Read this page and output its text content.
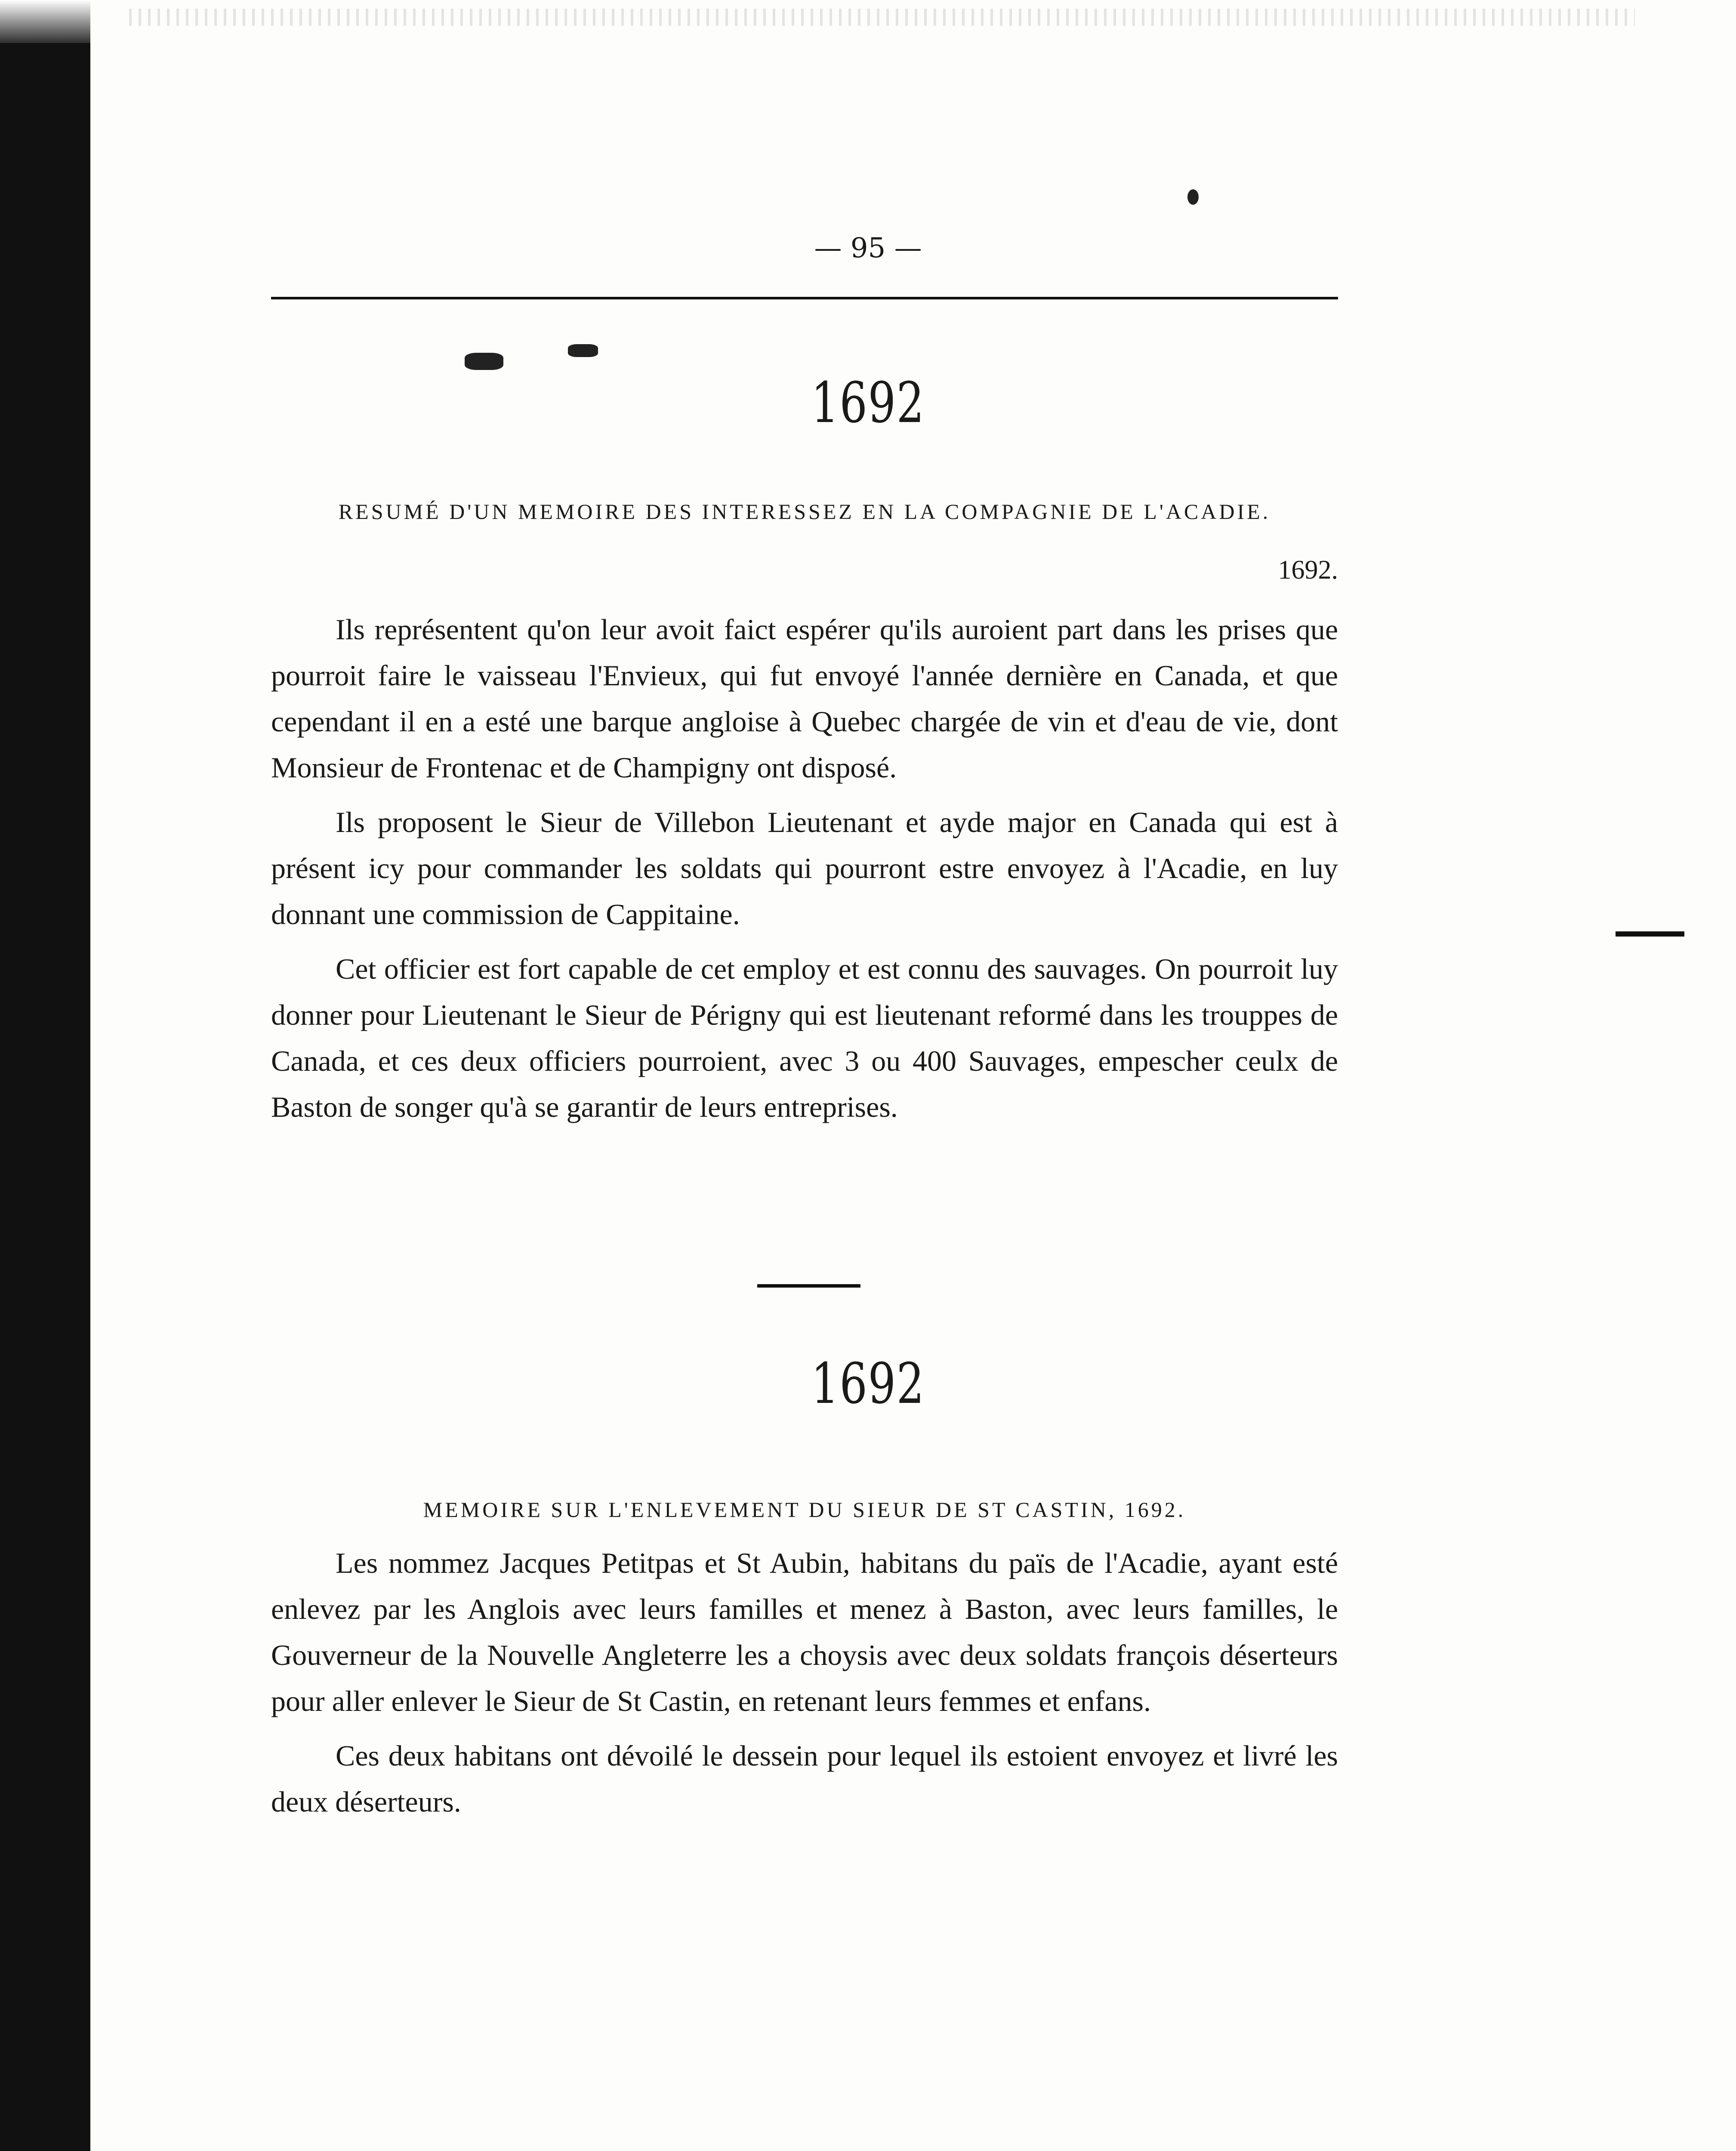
— 95 —
1692
RESUMÉ D'UN MEMOIRE DES INTERESSEZ EN LA COMPAGNIE DE L'ACADIE.
1692.

Ils représentent qu'on leur avoit faict espérer qu'ils auroient part dans les prises que pourroit faire le vaisseau l'Envieux, qui fut envoyé l'année dernière en Canada, et que cependant il en a esté une barque angloise à Quebec chargée de vin et d'eau de vie, dont Monsieur de Frontenac et de Champigny ont disposé.

Ils proposent le Sieur de Villebon Lieutenant et ayde major en Canada qui est à présent icy pour commander les soldats qui pourront estre envoyez à l'Acadie, en luy donnant une commission de Cappitaine.

Cet officier est fort capable de cet employ et est connu des sauvages. On pourroit luy donner pour Lieutenant le Sieur de Périgny qui est lieutenant reformé dans les trouppes de Canada, et ces deux officiers pourroient, avec 3 ou 400 Sauvages, empescher ceulx de Baston de songer qu'à se garantir de leurs entreprises.

1692
MEMOIRE SUR L'ENLEVEMENT DU SIEUR DE ST CASTIN, 1692.

Les nommez Jacques Petitpas et St Aubin, habitans du païs de l'Acadie, ayant esté enlevez par les Anglois avec leurs familles et menez à Baston, avec leurs familles, le Gouverneur de la Nouvelle Angleterre les a choysis avec deux soldats françois déserteurs pour aller enlever le Sieur de St Castin, en retenant leurs femmes et enfans.

Ces deux habitans ont dévoilé le dessein pour lequel ils estoient envoyez et livré les deux déserteurs.
